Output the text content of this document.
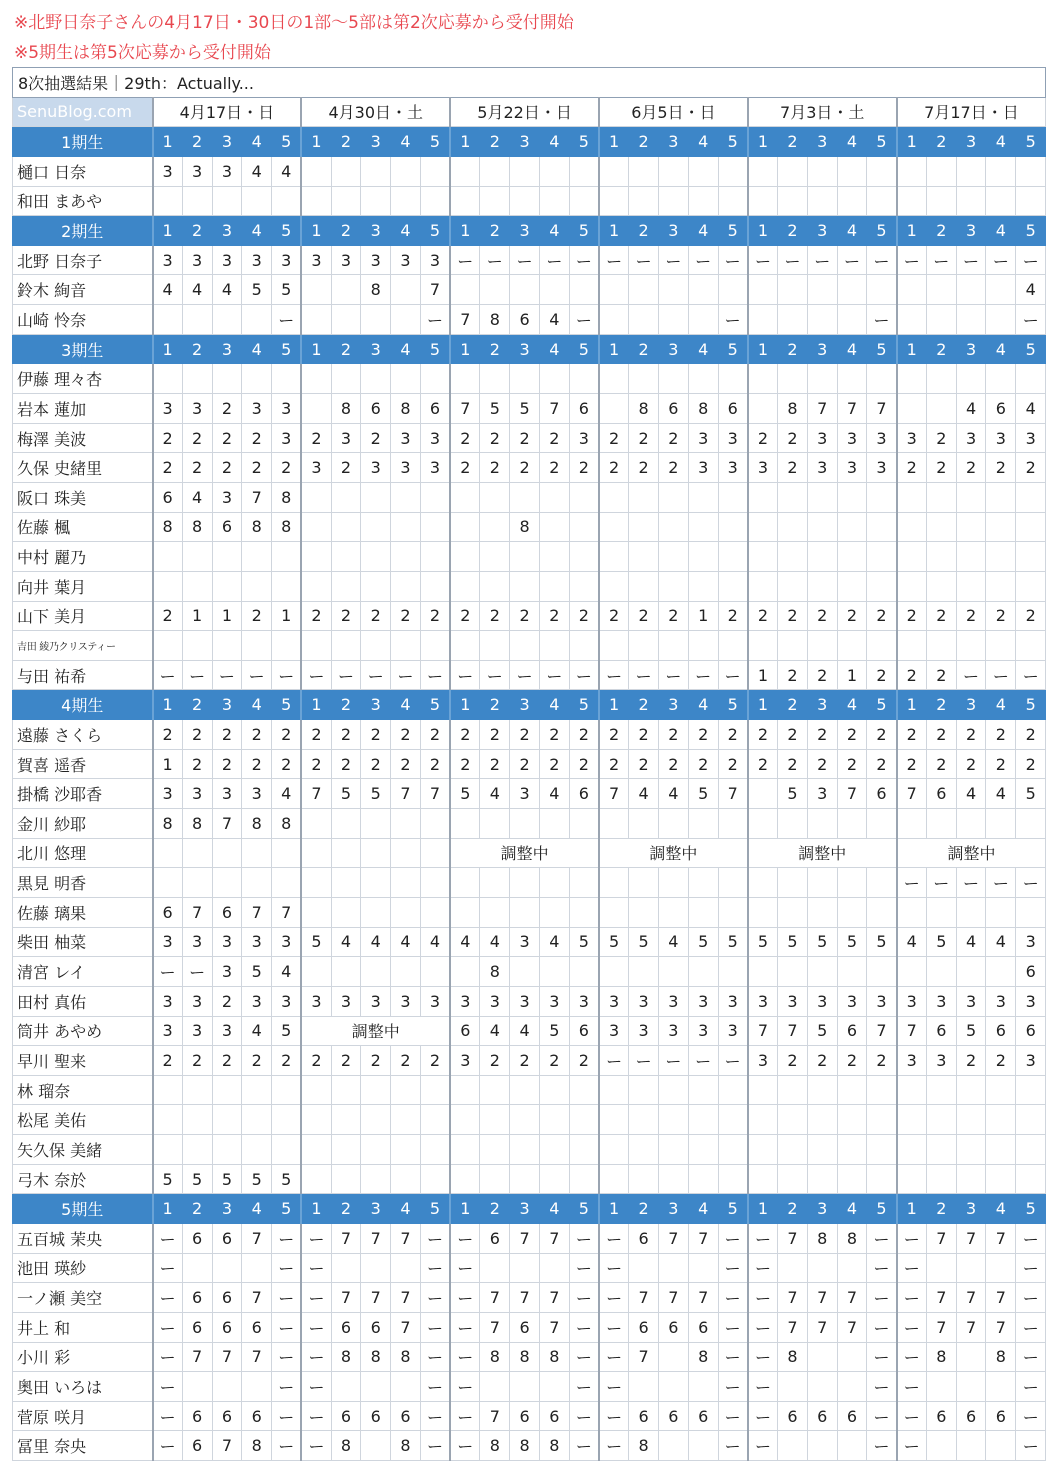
※北野日奈子さんの4月17日・30日の1部〜5部は第2次応募から受付開始
※5期生は第5次応募から受付開始
8次抽選結果｜29th：Actually...																														
SenuBlog.com	4月17日・日					4月30日・土					5月22日・日					6月5日・日					7月3日・土					7月17日・日				
1期生	1	2	3	4	5	1	2	3	4	5	1	2	3	4	5	1	2	3	4	5	1	2	3	4	5	1	2	3	4	5
樋口 日奈	3	3	3	4	4																									
和田 まあや																														
2期生	1	2	3	4	5	1	2	3	4	5	1	2	3	4	5	1	2	3	4	5	1	2	3	4	5	1	2	3	4	5
北野 日奈子	3	3	3	3	3	3	3	3	3	3	ー	ー	ー	ー	ー	ー	ー	ー	ー	ー	ー	ー	ー	ー	ー	ー	ー	ー	ー	ー
鈴木 絢音	4	4	4	5	5			8		7																				4
山崎 怜奈					ー					ー	7	8	6	4	ー					ー					ー					ー
3期生	1	2	3	4	5	1	2	3	4	5	1	2	3	4	5	1	2	3	4	5	1	2	3	4	5	1	2	3	4	5
伊藤 理々杏																														
岩本 蓮加	3	3	2	3	3		8	6	8	6	7	5	5	7	6		8	6	8	6		8	7	7	7			4	6	4
梅澤 美波	2	2	2	2	3	2	3	2	3	3	2	2	2	2	3	2	2	2	3	3	2	2	3	3	3	3	2	3	3	3
久保 史緒里	2	2	2	2	2	3	2	3	3	3	2	2	2	2	2	2	2	2	3	3	3	2	3	3	3	2	2	2	2	2
阪口 珠美	6	4	3	7	8																									
佐藤 楓	8	8	6	8	8								8																	
中村 麗乃																														
向井 葉月																														
山下 美月	2	1	1	2	1	2	2	2	2	2	2	2	2	2	2	2	2	2	1	2	2	2	2	2	2	2	2	2	2	2
吉田 綾乃クリスティー																														
与田 祐希	ー	ー	ー	ー	ー	ー	ー	ー	ー	ー	ー	ー	ー	ー	ー	ー	ー	ー	ー	ー	1	2	2	1	2	2	2	ー	ー	ー
4期生	1	2	3	4	5	1	2	3	4	5	1	2	3	4	5	1	2	3	4	5	1	2	3	4	5	1	2	3	4	5
遠藤 さくら	2	2	2	2	2	2	2	2	2	2	2	2	2	2	2	2	2	2	2	2	2	2	2	2	2	2	2	2	2	2
賀喜 遥香	1	2	2	2	2	2	2	2	2	2	2	2	2	2	2	2	2	2	2	2	2	2	2	2	2	2	2	2	2	2
掛橋 沙耶香	3	3	3	3	4	7	5	5	7	7	5	4	3	4	6	7	4	4	5	7		5	3	7	6	7	6	4	4	5
金川 紗耶	8	8	7	8	8																									
北川 悠理											調整中					調整中					調整中					調整中				
黒見 明香																										ー	ー	ー	ー	ー
佐藤 璃果	6	7	6	7	7																									
柴田 柚菜	3	3	3	3	3	5	4	4	4	4	4	4	3	4	5	5	5	4	5	5	5	5	5	5	5	4	5	4	4	3
清宮 レイ	ー	ー	3	5	4							8																		6
田村 真佑	3	3	2	3	3	3	3	3	3	3	3	3	3	3	3	3	3	3	3	3	3	3	3	3	3	3	3	3	3	3
筒井 あやめ	3	3	3	4	5	調整中					6	4	4	5	6	3	3	3	3	3	7	7	5	6	7	7	6	5	6	6
早川 聖来	2	2	2	2	2	2	2	2	2	2	3	2	2	2	2	ー	ー	ー	ー	ー	3	2	2	2	2	3	3	2	2	3
林 瑠奈																														
松尾 美佑																														
矢久保 美緒																														
弓木 奈於	5	5	5	5	5																									
5期生	1	2	3	4	5	1	2	3	4	5	1	2	3	4	5	1	2	3	4	5	1	2	3	4	5	1	2	3	4	5
五百城 茉央	ー	6	6	7	ー	ー	7	7	7	ー	ー	6	7	7	ー	ー	6	7	7	ー	ー	7	8	8	ー	ー	7	7	7	ー
池田 瑛紗	ー				ー	ー				ー	ー				ー	ー				ー	ー				ー	ー				ー
一ノ瀬 美空	ー	6	6	7	ー	ー	7	7	7	ー	ー	7	7	7	ー	ー	7	7	7	ー	ー	7	7	7	ー	ー	7	7	7	ー
井上 和	ー	6	6	6	ー	ー	6	6	7	ー	ー	7	6	7	ー	ー	6	6	6	ー	ー	7	7	7	ー	ー	7	7	7	ー
小川 彩	ー	7	7	7	ー	ー	8	8	8	ー	ー	8	8	8	ー	ー	7		8	ー	ー	8			ー	ー	8		8	ー
奥田 いろは	ー				ー	ー				ー	ー				ー	ー				ー	ー				ー	ー				ー
菅原 咲月	ー	6	6	6	ー	ー	6	6	6	ー	ー	7	6	6	ー	ー	6	6	6	ー	ー	6	6	6	ー	ー	6	6	6	ー
冨里 奈央	ー	6	7	8	ー	ー	8		8	ー	ー	8	8	8	ー	ー	8			ー	ー				ー	ー				ー
